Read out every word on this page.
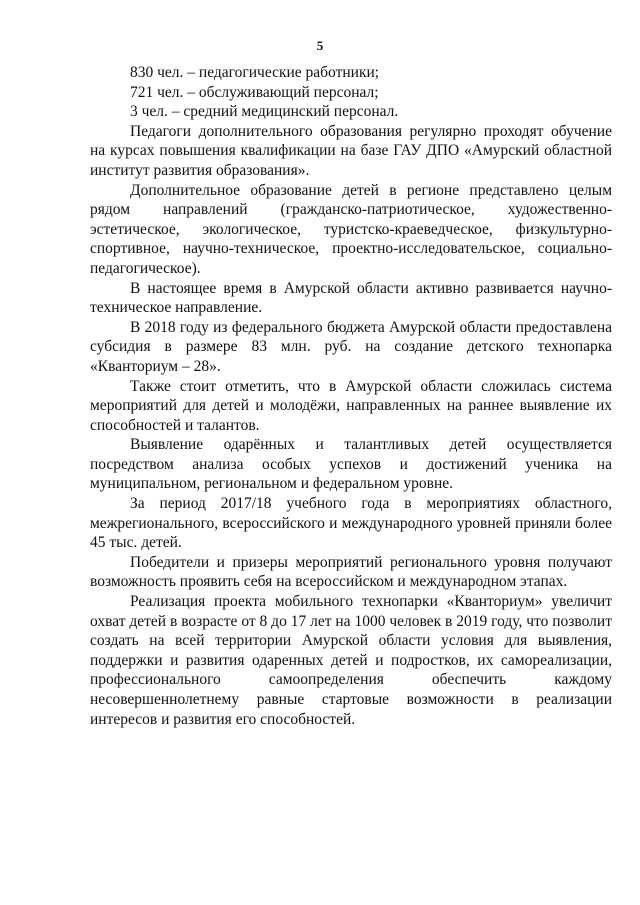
5
830 чел. – педагогические работники;
721 чел. – обслуживающий персонал;
3 чел. – средний медицинский персонал.

Педагоги дополнительного образования регулярно проходят обучение на курсах повышения квалификации на базе ГАУ ДПО «Амурский областной институт развития образования».

Дополнительное образование детей в регионе представлено целым рядом направлений (гражданско-патриотическое, художественно-эстетическое, экологическое, туристско-краеведческое, физкультурно-спортивное, научно-техническое, проектно-исследовательское, социально-педагогическое).

В настоящее время в Амурской области активно развивается научно-техническое направление.

В 2018 году из федерального бюджета Амурской области предоставлена субсидия в размере 83 млн. руб. на создание детского технопарка «Кванториум – 28».

Также стоит отметить, что в Амурской области сложилась система мероприятий для детей и молодёжи, направленных на раннее выявление их способностей и талантов.

Выявление одарённых и талантливых детей осуществляется посредством анализа особых успехов и достижений ученика на муниципальном, региональном и федеральном уровне.

За период 2017/18 учебного года в мероприятиях областного, межрегионального, всероссийского и международного уровней приняли более 45 тыс. детей.

Победители и призеры мероприятий регионального уровня получают возможность проявить себя на всероссийском и международном этапах.

Реализация проекта мобильного технопарки «Кванториум» увеличит охват детей в возрасте от 8 до 17 лет на 1000 человек в 2019 году, что позволит создать на всей территории Амурской области условия для выявления, поддержки и развития одаренных детей и подростков, их самореализации, профессионального самоопределения обеспечить каждому несовершеннолетнему равные стартовые возможности в реализации интересов и развития его способностей.
